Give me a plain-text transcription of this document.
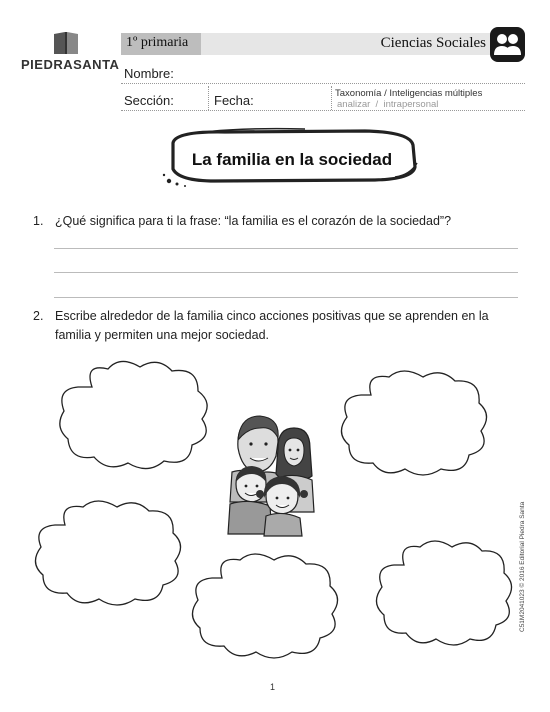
PIEDRASANTA
1º primaria	Ciencias Sociales
Nombre:
Sección:	Fecha:	Taxonomía / Inteligencias múltiples
analizar  /  intrapersonal
La familia en la sociedad
1. ¿Qué significa para ti la frase: “la familia es el corazón de la sociedad”?
2. Escribe alrededor de la familia cinco acciones positivas que se aprenden en la familia y permiten una mejor sociedad.
C51M2041023 © 2016 Editorial Piedra Santa
1
